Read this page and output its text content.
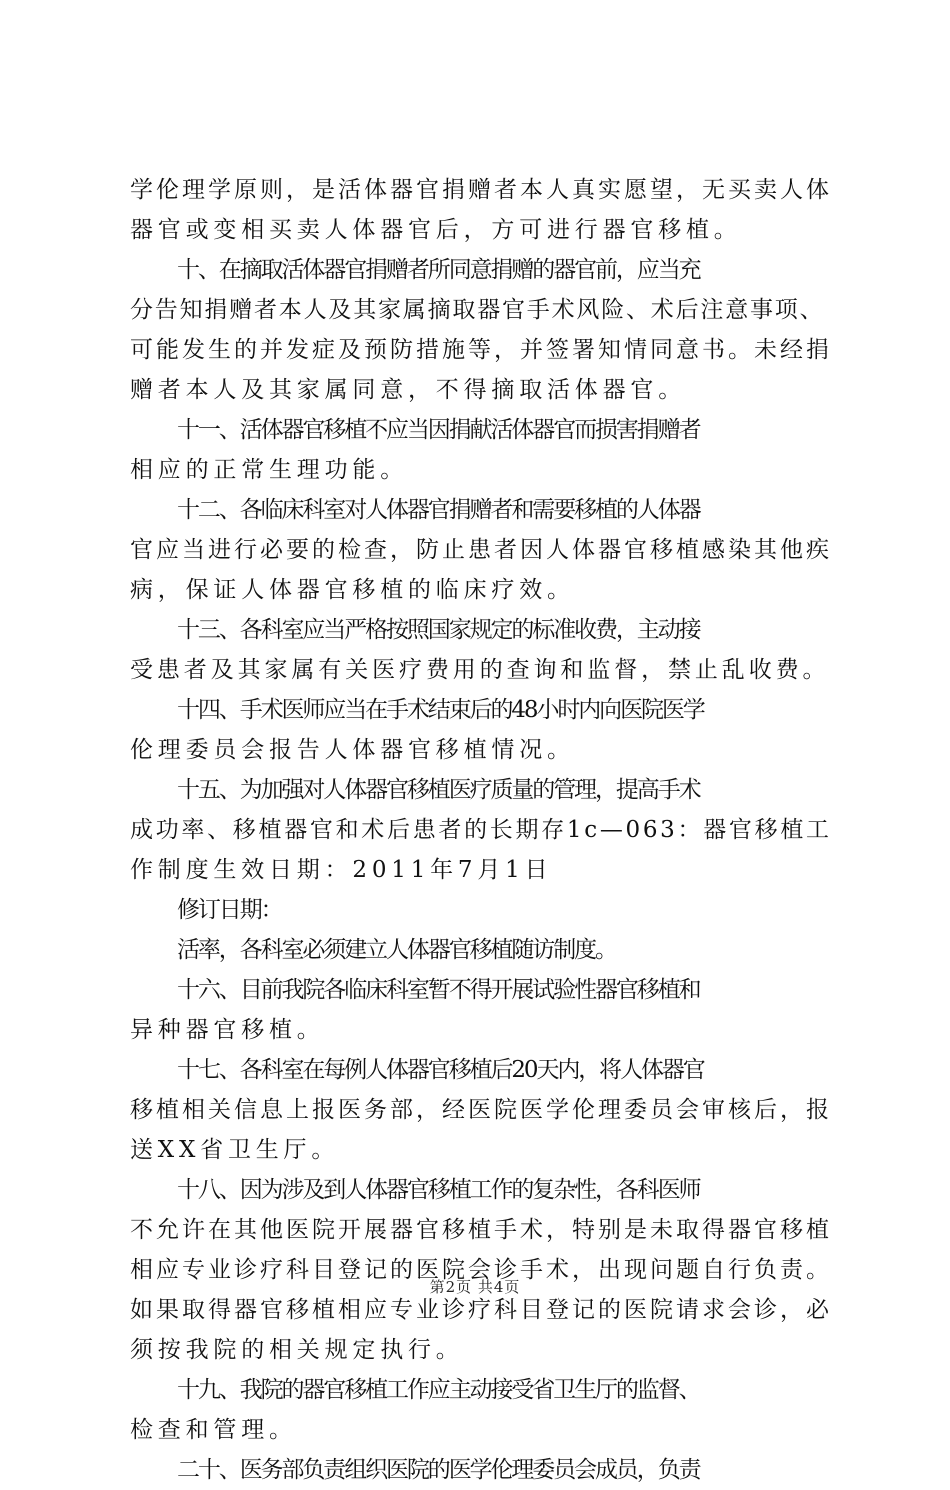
学伦理学原则，是活体器官捐赠者本人真实愿望，无买卖人体
器官或变相买卖人体器官后，方可进行器官移植。
十、在摘取活体器官捐赠者所同意捐赠的器官前，应当充
分告知捐赠者本人及其家属摘取器官手术风险、术后注意事项、
可能发生的并发症及预防措施等，并签署知情同意书。未经捐
赠者本人及其家属同意，不得摘取活体器官。
十一、活体器官移植不应当因捐献活体器官而损害捐赠者
相应的正常生理功能。
十二、各临床科室对人体器官捐赠者和需要移植的人体器
官应当进行必要的检查，防止患者因人体器官移植感染其他疾
病，保证人体器官移植的临床疗效。
十三、各科室应当严格按照国家规定的标准收费，主动接
受患者及其家属有关医疗费用的查询和监督，禁止乱收费。
十四、手术医师应当在手术结束后的48小时内向医院医学
伦理委员会报告人体器官移植情况。
十五、为加强对人体器官移植医疗质量的管理，提高手术
成功率、移植器官和术后患者的长期存1c—063：器官移植工
作制度生效日期：2011年7月1日
修订日期：
活率，各科室必须建立人体器官移植随访制度。
十六、目前我院各临床科室暂不得开展试验性器官移植和
异种器官移植。
十七、各科室在每例人体器官移植后20天内，将人体器官
移植相关信息上报医务部，经医院医学伦理委员会审核后，报
送XX省卫生厅。
十八、因为涉及到人体器官移植工作的复杂性，各科医师
不允许在其他医院开展器官移植手术，特别是未取得器官移植
相应专业诊疗科目登记的医院会诊手术，出现问题自行负责。
如果取得器官移植相应专业诊疗科目登记的医院请求会诊，必
须按我院的相关规定执行。
十九、我院的器官移植工作应主动接受省卫生厅的监督、
检查和管理。
二十、医务部负责组织医院的医学伦理委员会成员，负责
第2页 共4页
